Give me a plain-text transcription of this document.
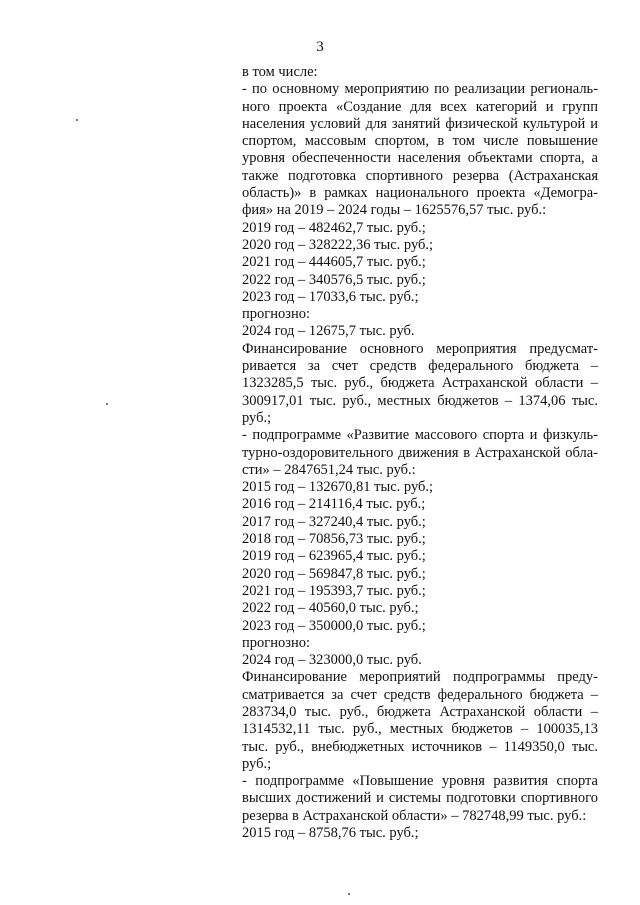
3
в том числе:
- по основному мероприятию по реализации региональ-
ного проекта «Создание для всех категорий и групп
населения условий для занятий физической культурой и
спортом, массовым спортом, в том числе повышение
уровня обеспеченности населения объектами спорта, а
также подготовка спортивного резерва (Астраханская
область)» в рамках национального проекта «Демогра-
фия» на 2019 – 2024 годы – 1625576,57 тыс. руб.:
2019 год – 482462,7 тыс. руб.;
2020 год – 328222,36 тыс. руб.;
2021 год – 444605,7 тыс. руб.;
2022 год – 340576,5 тыс. руб.;
2023 год – 17033,6 тыс. руб.;
прогнозно:
2024 год – 12675,7 тыс. руб.
Финансирование основного мероприятия предусмат-
ривается за счет средств федерального бюджета –
1323285,5 тыс. руб., бюджета Астраханской области –
300917,01 тыс. руб., местных бюджетов – 1374,06 тыс.
руб.;
- подпрограмме «Развитие массового спорта и физкуль-
турно-оздоровительного движения в Астраханской обла-
сти» – 2847651,24 тыс. руб.:
2015 год – 132670,81 тыс. руб.;
2016 год – 214116,4 тыс. руб.;
2017 год – 327240,4 тыс. руб.;
2018 год – 70856,73 тыс. руб.;
2019 год – 623965,4 тыс. руб.;
2020 год – 569847,8 тыс. руб.;
2021 год – 195393,7 тыс. руб.;
2022 год – 40560,0 тыс. руб.;
2023 год – 350000,0 тыс. руб.;
прогнозно:
2024 год – 323000,0 тыс. руб.
Финансирование мероприятий подпрограммы преду-
сматривается за счет средств федерального бюджета –
283734,0 тыс. руб., бюджета Астраханской области –
1314532,11 тыс. руб., местных бюджетов – 100035,13
тыс. руб., внебюджетных источников – 1149350,0 тыс.
руб.;
- подпрограмме «Повышение уровня развития спорта
высших достижений и системы подготовки спортивного
резерва в Астраханской области» – 782748,99 тыс. руб.:
2015 год – 8758,76 тыс. руб.;
